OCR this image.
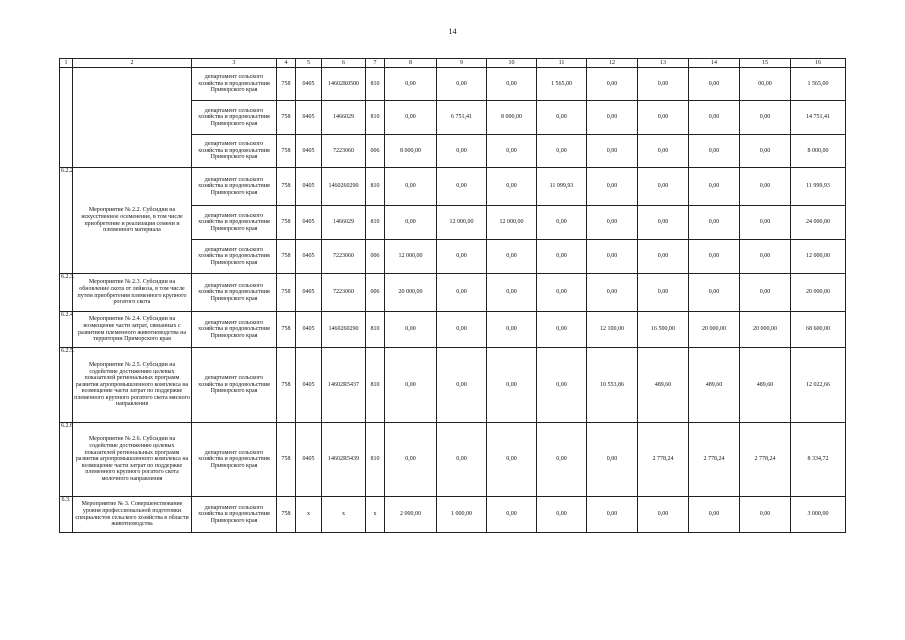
14
1	2	3	4	5	6	7	8	9	10	11	12	13	14	15	16
		департамент сельского хозяйства и продовольствия Приморского края	758	0405	14602R0500	810	0,00	0,00	0,00	1 565,00	0,00	0,00	0,00	00,00	1 565,00
		департамент сельского хозяйства и продовольствия Приморского края	758	0405	1466029	810	0,00	6 751,41	8 000,00	0,00	0,00	0,00	0,00	0,00	14 751,41
		департамент сельского хозяйства и продовольствия Приморского края	758	0405	7223060	006	8 000,00	0,00	0,00	0,00	0,00	0,00	0,00	0,00	8 000,00
6.2.2	Мероприятие № 2.2. Субсидии на искусственное осеменение, в том числе приобретение и реализация семени и племенного материала	департамент сельского хозяйства и продовольствия Приморского края	758	0405	1460260290	810	0,00	0,00	0,00	11 999,93	0,00	0,00	0,00	0,00	11 999,93
		департамент сельского хозяйства и продовольствия Приморского края	758	0405	1466029	810	0,00	12 000,00	12 000,00	0,00	0,00	0,00	0,00	0,00	24 000,00
		департамент сельского хозяйства и продовольствия Приморского края	758	0405	7223060	006	12 000,00	0,00	0,00	0,00	0,00	0,00	0,00	0,00	12 000,00
6.2.3.	Мероприятие № 2.3. Субсидии на обновление скота от лейкоза, в том числе путем приобретения племенного крупного рогатого скота	департамент сельского хозяйства и продовольствия Приморского края	758	0405	7223060	006	20 000,00	0,00	0,00	0,00	0,00	0,00	0,00	0,00	20 000,00
6.2.4	Мероприятие № 2.4. Субсидии на возмещение части затрат, связанных с развитием племенного животноводства на территории Приморского края	департамент сельского хозяйства и продовольствия Приморского края	758	0405	1460260290	810	0,00	0,00	0,00	0,00	12 100,00	16 500,00	20 000,00	20 000,00	68 600,00
6.2.5.	Мероприятие № 2.5. Субсидии на содействие достижению целевых показателей региональных программ развития агропромышленного комплекса на возмещение части затрат по поддержке племенного крупного рогатого скота мясного направления	департамент сельского хозяйства и продовольствия Приморского края	758	0405	14602R5437	810	0,00	0,00	0,00	0,00	10 553,86	489,60	489,60	489,60	12 022,66
6.2.6	Мероприятие № 2.6. Субсидии на содействие достижению целевых показателей региональных программ развития агропромышленного комплекса на возмещение части затрат по поддержке племенного крупного рогатого скота молочного направления	департамент сельского хозяйства и продовольствия Приморского края	758	0405	14602R5439	810	0,00	0,00	0,00	0,00	0,00	2 778,24	2 778,24	2 778,24	8 334,72
6.3.	Мероприятие № 3. Совершенствование уровня профессиональной подготовки специалистов сельского хозяйства в области животноводства	департамент сельского хозяйства и продовольствия Приморского края	758	x	x	x	2 000,00	1 000,00	0,00	0,00	0,00	0,00	0,00	0,00	3 000,00
